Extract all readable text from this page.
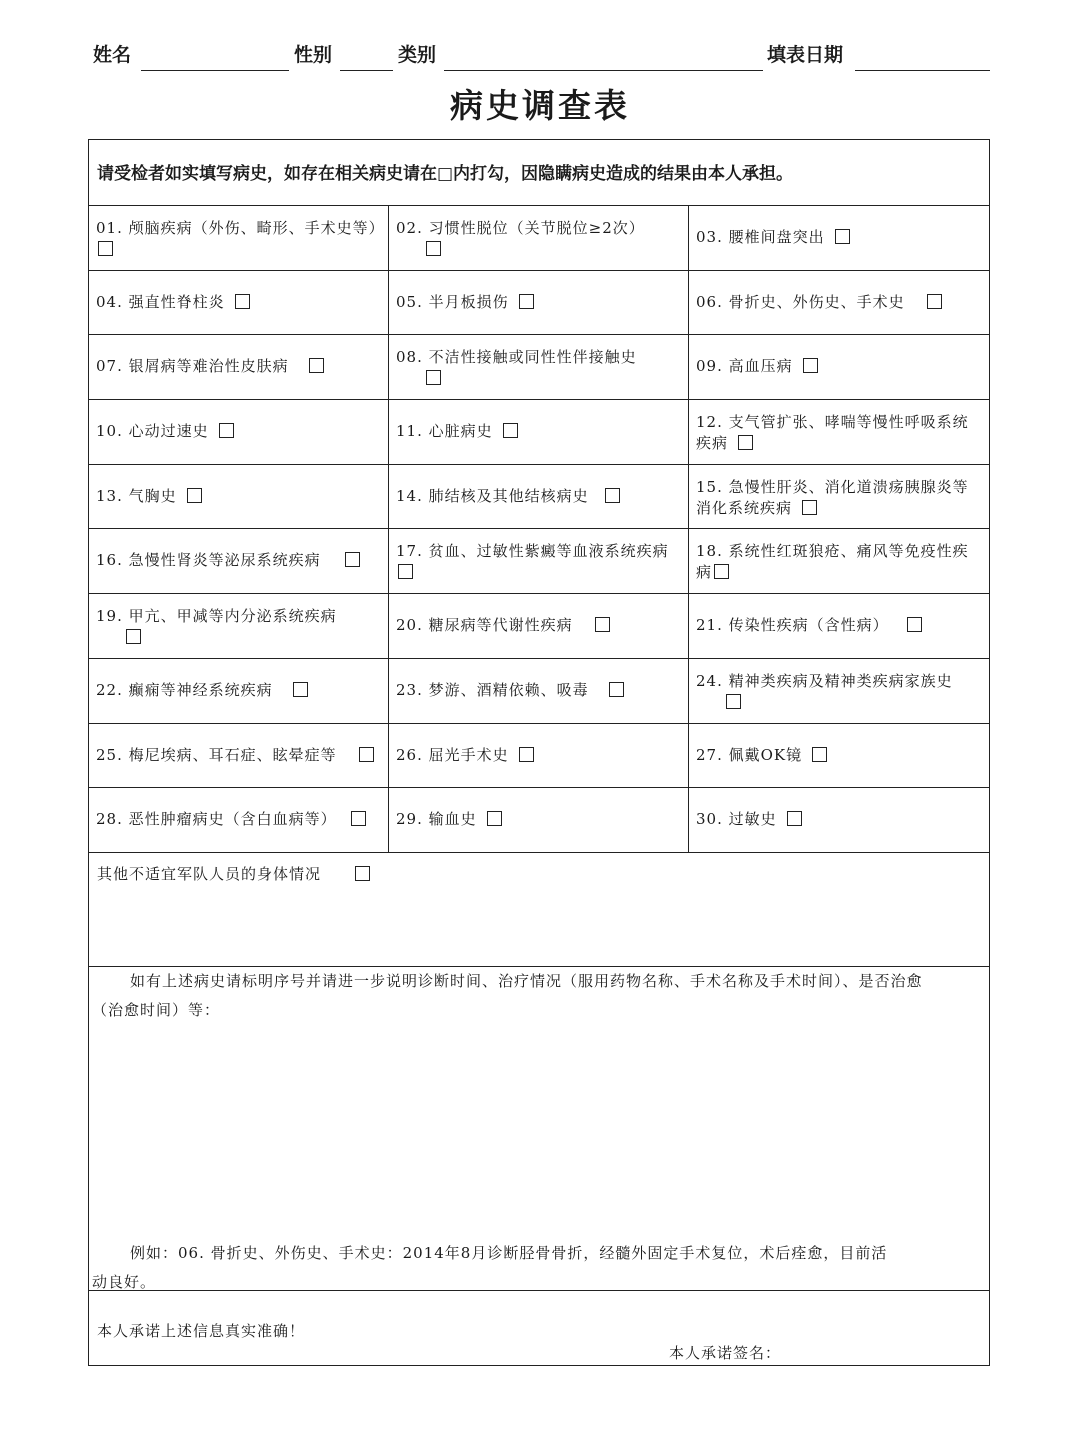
姓名	性别	类别	填表日期
病史调查表
请受检者如实填写病史，如存在相关病史请在□内打勾，因隐瞒病史造成的结果由本人承担。
01. 颅脑疾病（外伤、畸形、手术史等） 02. 习惯性脱位（关节脱位≥2次）	03. 腰椎间盘突出
04. 强直性脊柱炎	05. 半月板损伤	06. 骨折史、外伤史、手术史
07. 银屑病等难治性皮肤病	08. 不洁性接触或同性性伴接触史	09. 高血压病
10. 心动过速史	11. 心脏病史	12. 支气管扩张、哮喘等慢性呼吸系统疾病
13. 气胸史	14. 肺结核及其他结核病史	15. 急慢性肝炎、消化道溃疡胰腺炎等消化系统疾病
16. 急慢性肾炎等泌尿系统疾病	17. 贫血、过敏性紫癜等血液系统疾病	18. 系统性红斑狼疮、痛风等免疫性疾病
19. 甲亢、甲减等内分泌系统疾病	20. 糖尿病等代谢性疾病	21. 传染性疾病（含性病）
22. 癫痫等神经系统疾病	23. 梦游、酒精依赖、吸毒	24. 精神类疾病及精神类疾病家族史

25. 梅尼埃病、耳石症、眩晕症等	26. 屈光手术史	27. 佩戴OK镜
28. 恶性肿瘤病史（含白血病等）	29. 输血史	30. 过敏史
其他不适宜军队人员的身体情况
如有上述病史请标明序号并请进一步说明诊断时间、治疗情况（服用药物名称、手术名称及手术时间）、是否治愈（治愈时间）等：
例如：06. 骨折史、外伤史、手术史：2014年8月诊断胫骨骨折，经髓外固定手术复位，术后痊愈，目前活动良好。
本人承诺上述信息真实准确！
本人承诺签名：
